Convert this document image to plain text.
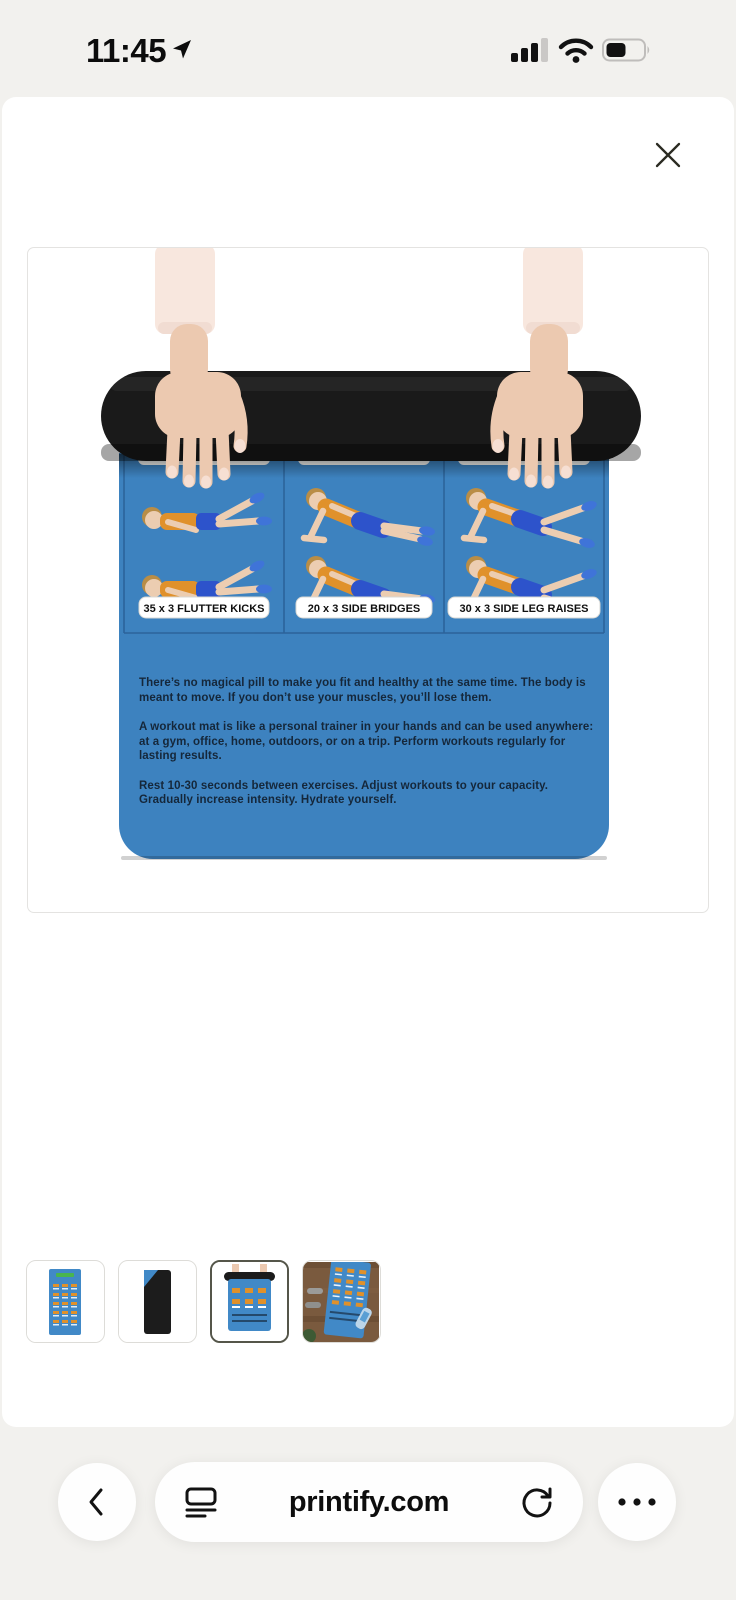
11:45
35 x 3 FLUTTER KICKS	20 x 3 SIDE BRIDGES	30 x 3 SIDE LEG RAISES

There’s no magical pill to make you fit and healthy at the same time. The body is meant to move. If you don’t use your muscles, you’ll lose them.

A workout mat is like a personal trainer in your hands and can be used anywhere: at a gym, office, home, outdoors, or on a trip. Perform workouts regularly for lasting results.

Rest 10-30 seconds between exercises. Adjust workouts to your capacity. Gradually increase intensity. Hydrate yourself.

printify.com
